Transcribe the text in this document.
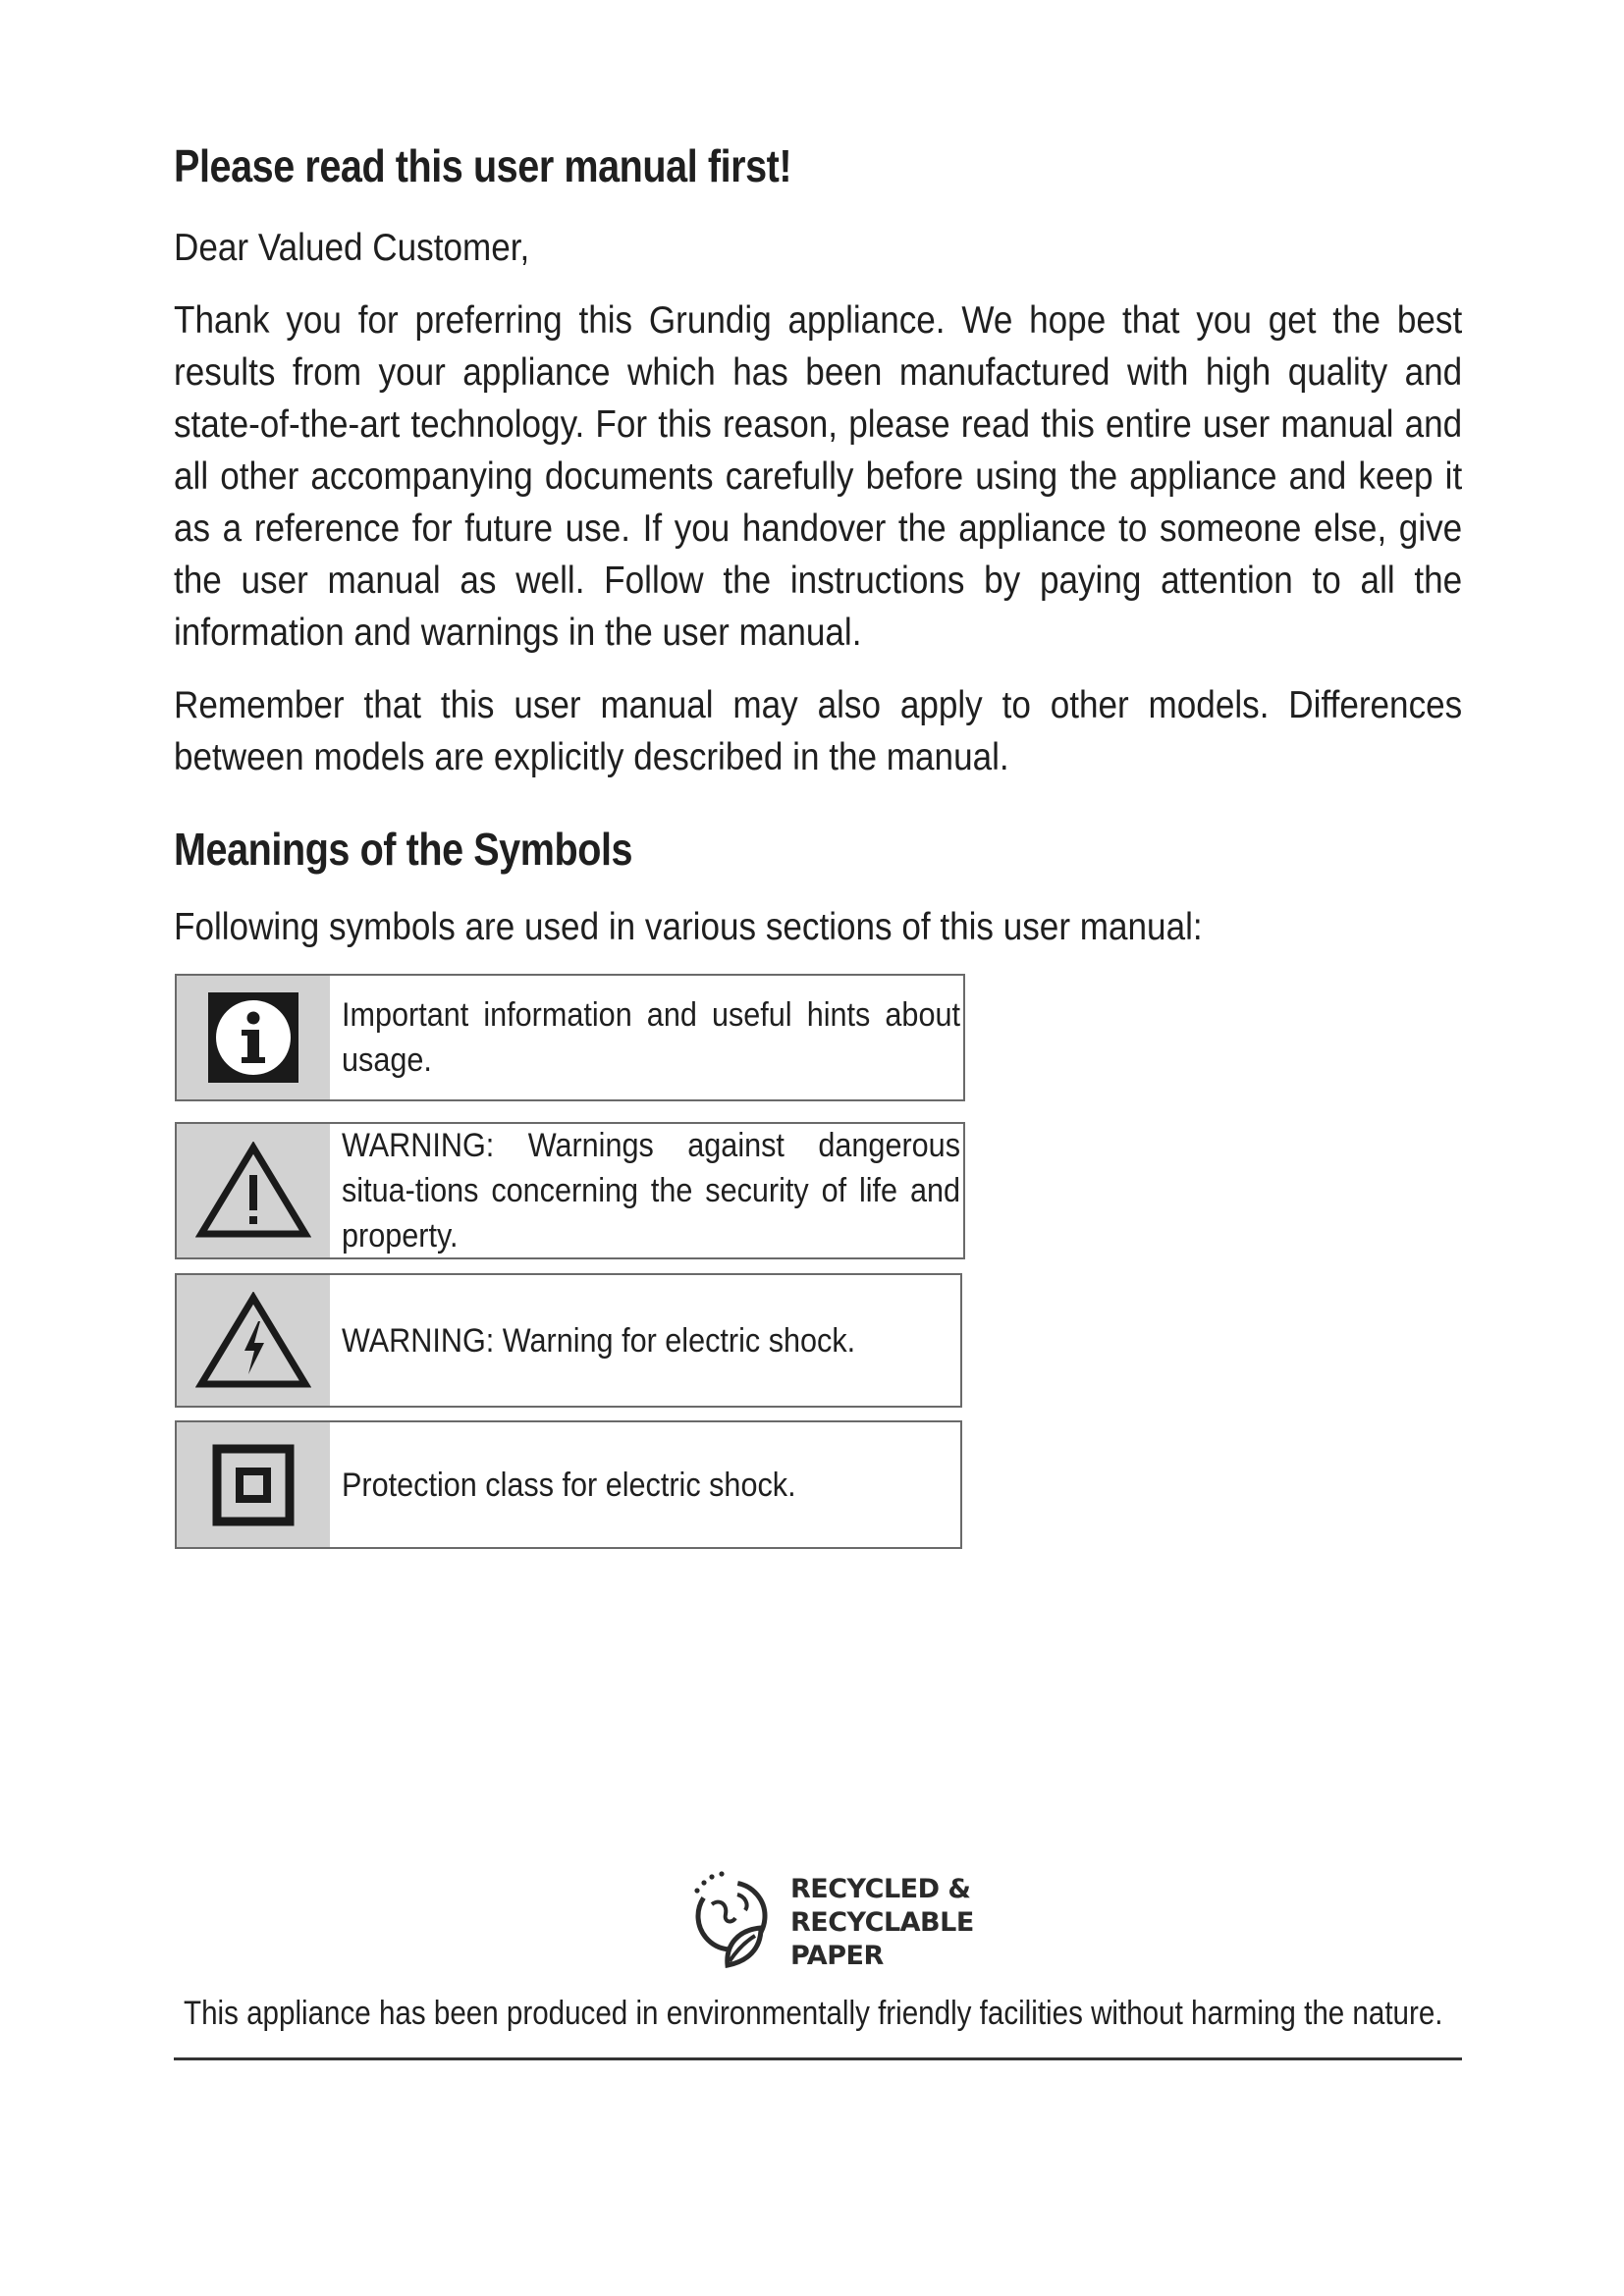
Please read this user manual first!

Dear Valued Customer,

Thank you for preferring this Grundig appliance. We hope that you get the best results from your appliance which has been manufactured with high quality and state-of-the-art technology. For this reason, please read this entire user manual and all other accompanying documents carefully before using the appliance and keep it as a reference for future use. If you handover the appliance to someone else, give the user manual as well. Follow the instructions by paying attention to all the information and warnings in the user manual.

Remember that this user manual may also apply to other models. Differences between models are explicitly described in the manual.

Meanings of the Symbols

Following symbols are used in various sections of this user manual:

Important information and useful hints about usage.
WARNING: Warnings against dangerous situa-tions concerning the security of life and property.
WARNING: Warning for electric shock.
Protection class for electric shock.
RECYCLED &
RECYCLABLE
PAPER

This appliance has been produced in environmentally friendly facilities without harming the nature.
